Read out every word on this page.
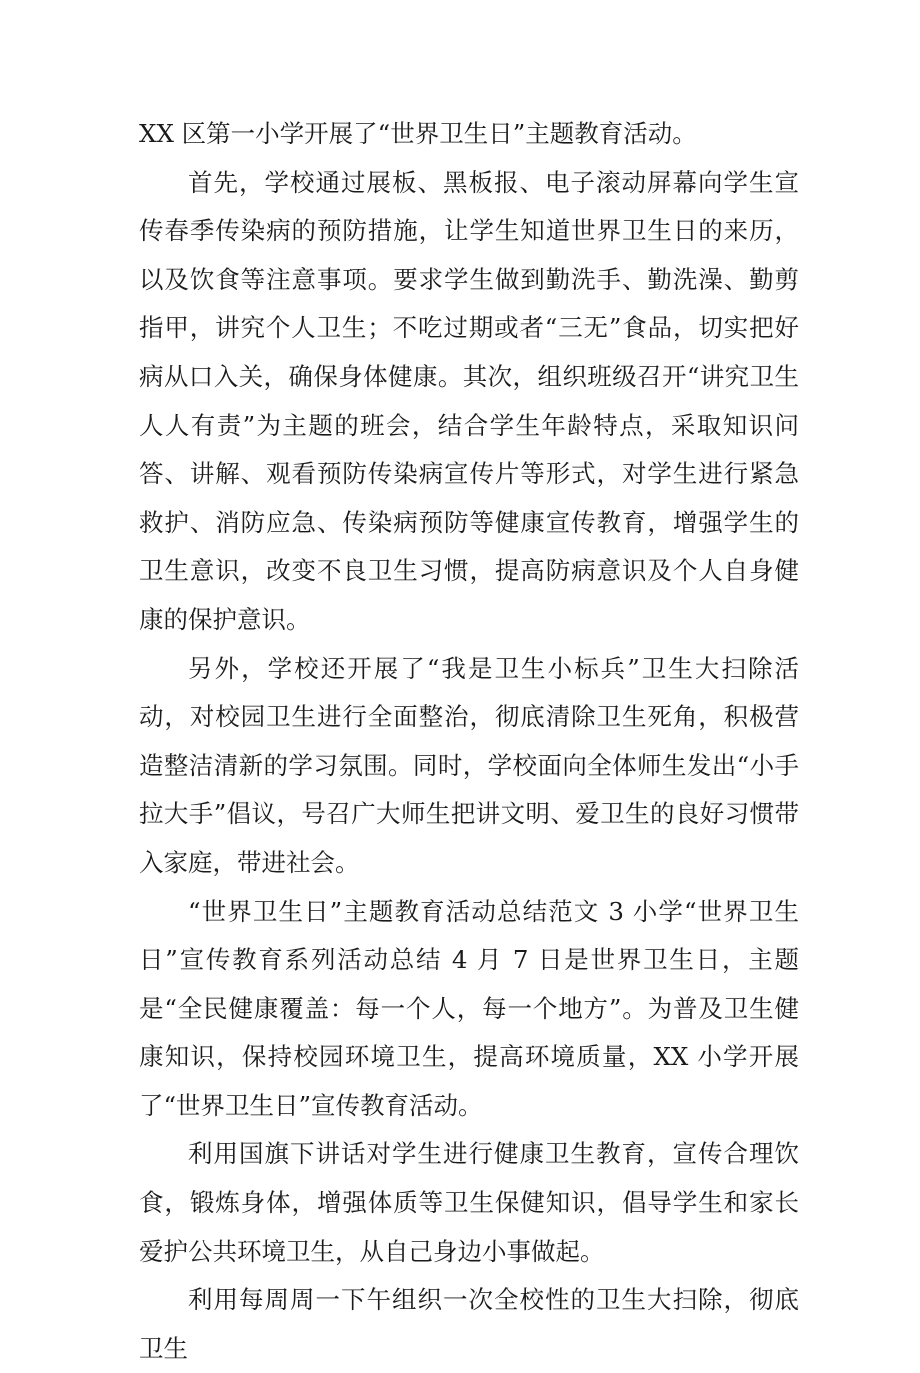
XX 区第一小学开展了“世界卫生日”主题教育活动。

首先，学校通过展板、黑板报、电子滚动屏幕向学生宣传春季传染病的预防措施，让学生知道世界卫生日的来历，以及饮食等注意事项。要求学生做到勤洗手、勤洗澡、勤剪指甲，讲究个人卫生；不吃过期或者“三无”食品，切实把好病从口入关，确保身体健康。其次，组织班级召开“讲究卫生人人有责”为主题的班会，结合学生年龄特点，采取知识问答、讲解、观看预防传染病宣传片等形式，对学生进行紧急救护、消防应急、传染病预防等健康宣传教育，增强学生的卫生意识，改变不良卫生习惯，提高防病意识及个人自身健康的保护意识。

另外，学校还开展了“我是卫生小标兵”卫生大扫除活动，对校园卫生进行全面整治，彻底清除卫生死角，积极营造整洁清新的学习氛围。同时，学校面向全体师生发出“小手拉大手”倡议，号召广大师生把讲文明、爱卫生的良好习惯带入家庭，带进社会。

“世界卫生日”主题教育活动总结范文 3 小学“世界卫生日”宣传教育系列活动总结 4 月 7 日是世界卫生日，主题是“全民健康覆盖：每一个人，每一个地方”。为普及卫生健康知识，保持校园环境卫生，提高环境质量，XX 小学开展了“世界卫生日”宣传教育活动。

利用国旗下讲话对学生进行健康卫生教育，宣传合理饮食，锻炼身体，增强体质等卫生保健知识，倡导学生和家长爱护公共环境卫生，从自己身边小事做起。

利用每周周一下午组织一次全校性的卫生大扫除，彻底卫生
